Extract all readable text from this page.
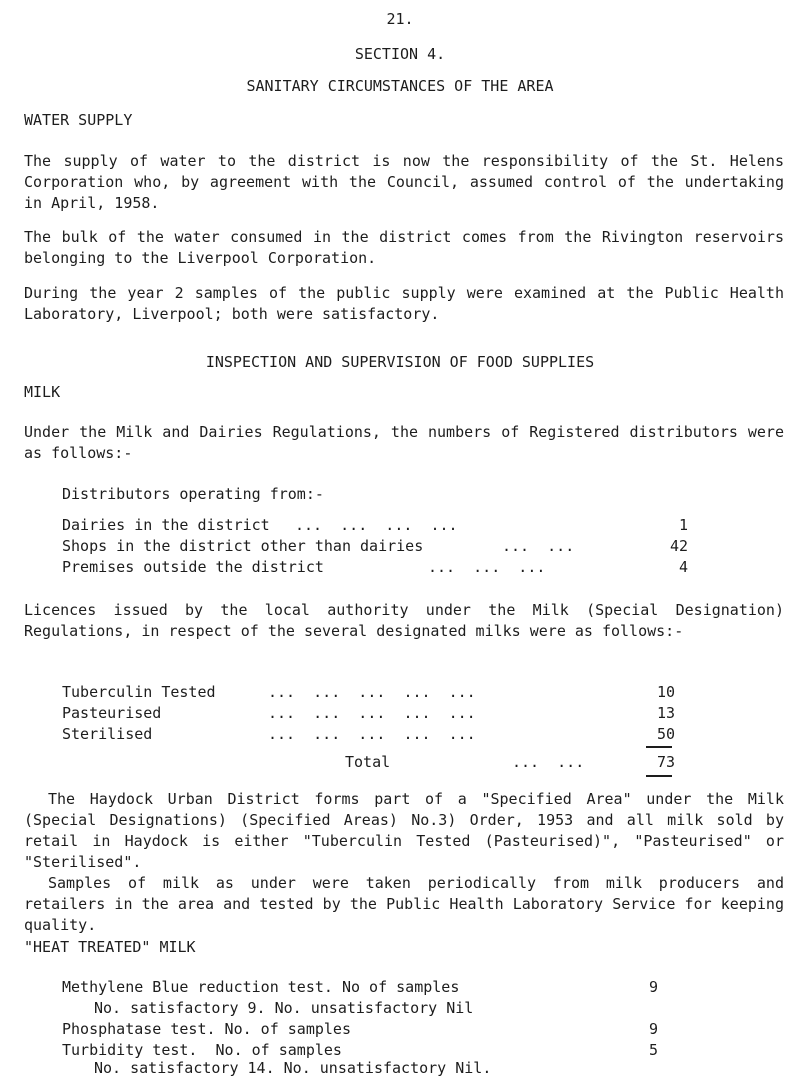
21.
SECTION 4.
SANITARY CIRCUMSTANCES OF THE AREA
WATER SUPPLY
The supply of water to the district is now the responsibility of the St. Helens Corporation who, by agreement with the Council, assumed control of the undertaking in April, 1958.
The bulk of the water consumed in the district comes from the Rivington reservoirs belonging to the Liverpool Corporation.
During the year 2 samples of the public supply were examined at the Public Health Laboratory, Liverpool; both were satisfactory.
INSPECTION AND SUPERVISION OF FOOD SUPPLIES
MILK
Under the Milk and Dairies Regulations, the numbers of Registered distributors were as follows:-
Distributors operating from:-
Dairies in the district ...  ...  ...  ...	1
Shops in the district other than dairies	...  ...	42
Premises outside the district	...  ...  ...	4
Licences issued by the local authority under the Milk (Special Designation) Regulations, in respect of the several designated milks were as follows:-
Tuberculin Tested	...  ...  ...  ...  ...	10
Pasteurised	...  ...  ...  ...  ...	13
Sterilised	...  ...  ...  ...  ...	50
Total	...  ...	73
The Haydock Urban District forms part of a "Specified Area" under the Milk (Special Designations) (Specified Areas) No.3) Order, 1953 and all milk sold by retail in Haydock is either "Tuberculin Tested (Pasteurised)", "Pasteurised" or "Sterilised".
Samples of milk as under were taken periodically from milk producers and retailers in the area and tested by the Public Health Laboratory Service for keeping quality.
"HEAT TREATED" MILK
Methylene Blue reduction test. No of samples	9
No. satisfactory 9. No. unsatisfactory Nil
Phosphatase test. No. of samples	9
Turbidity test.  No. of samples	5
No. satisfactory 14. No. unsatisfactory Nil.
